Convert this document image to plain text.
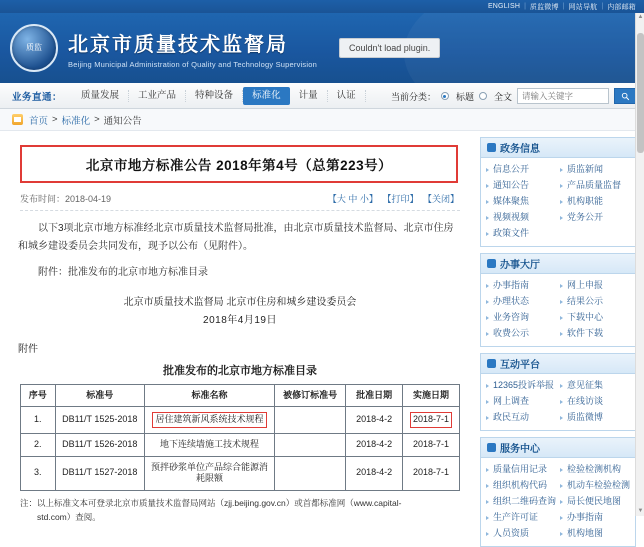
ENGLISH | 质监微博 | 网站导航 | 内部邮箱
质监	北京市质量技术监督局
Beijing Municipal Administration of Quality and Technology Supervision
Couldn't load plugin.
业务直通：	质量发展	工业产品	特种设备	标准化	计量	认证	当前分类： 标题 全文
请输入关键字
首页 > 标准化 > 通知公告
北京市地方标准公告 2018年第4号（总第223号）
发布时间：2018-04-19	【大 中 小】 【打印】 【关闭】

以下3项北京市地方标准经北京市质量技术监督局批准，由北京市质量技术监督局、北京市住房和城乡建设委员会共同发布，现予以公布（见附件）。

附件：批准发布的北京市地方标准目录

北京市质量技术监督局 北京市住房和城乡建设委员会
2018年4月19日
附件
批准发布的北京市地方标准目录
序号	标准号	标准名称	被修订标准号	批准日期	实施日期
1.	DB11/T 1525-2018	居住建筑新风系统技术规程		2018-4-2	2018-7-1
2.	DB11/T 1526-2018	地下连续墙施工技术规程		2018-4-2	2018-7-1
3.	DB11/T 1527-2018	预拌砂浆单位产品综合能源消耗限额		2018-4-2	2018-7-1
注：以上标准文本可登录北京市质量技术监督局网站（zjj.beijing.gov.cn）或首都标准网（www.capital-
std.com）查阅。
政务信息
信息公开	质监新闻
通知公告	产品质量监督
媒体聚焦	机构职能
视频视频	党务公开
政策文件
办事大厅
办事指南	网上申报
办理状态	结果公示
业务咨询	下载中心
收费公示	软件下载
互动平台
12365投诉举报	意见征集
网上调查	在线访谈
政民互动	质监微博
服务中心
质量信用记录	检验检测机构
组织机构代码	机动车检验检测
组织二维码查询	局长便民地图
生产许可证	办事指南
人员资质	机构地图
▲
▼
